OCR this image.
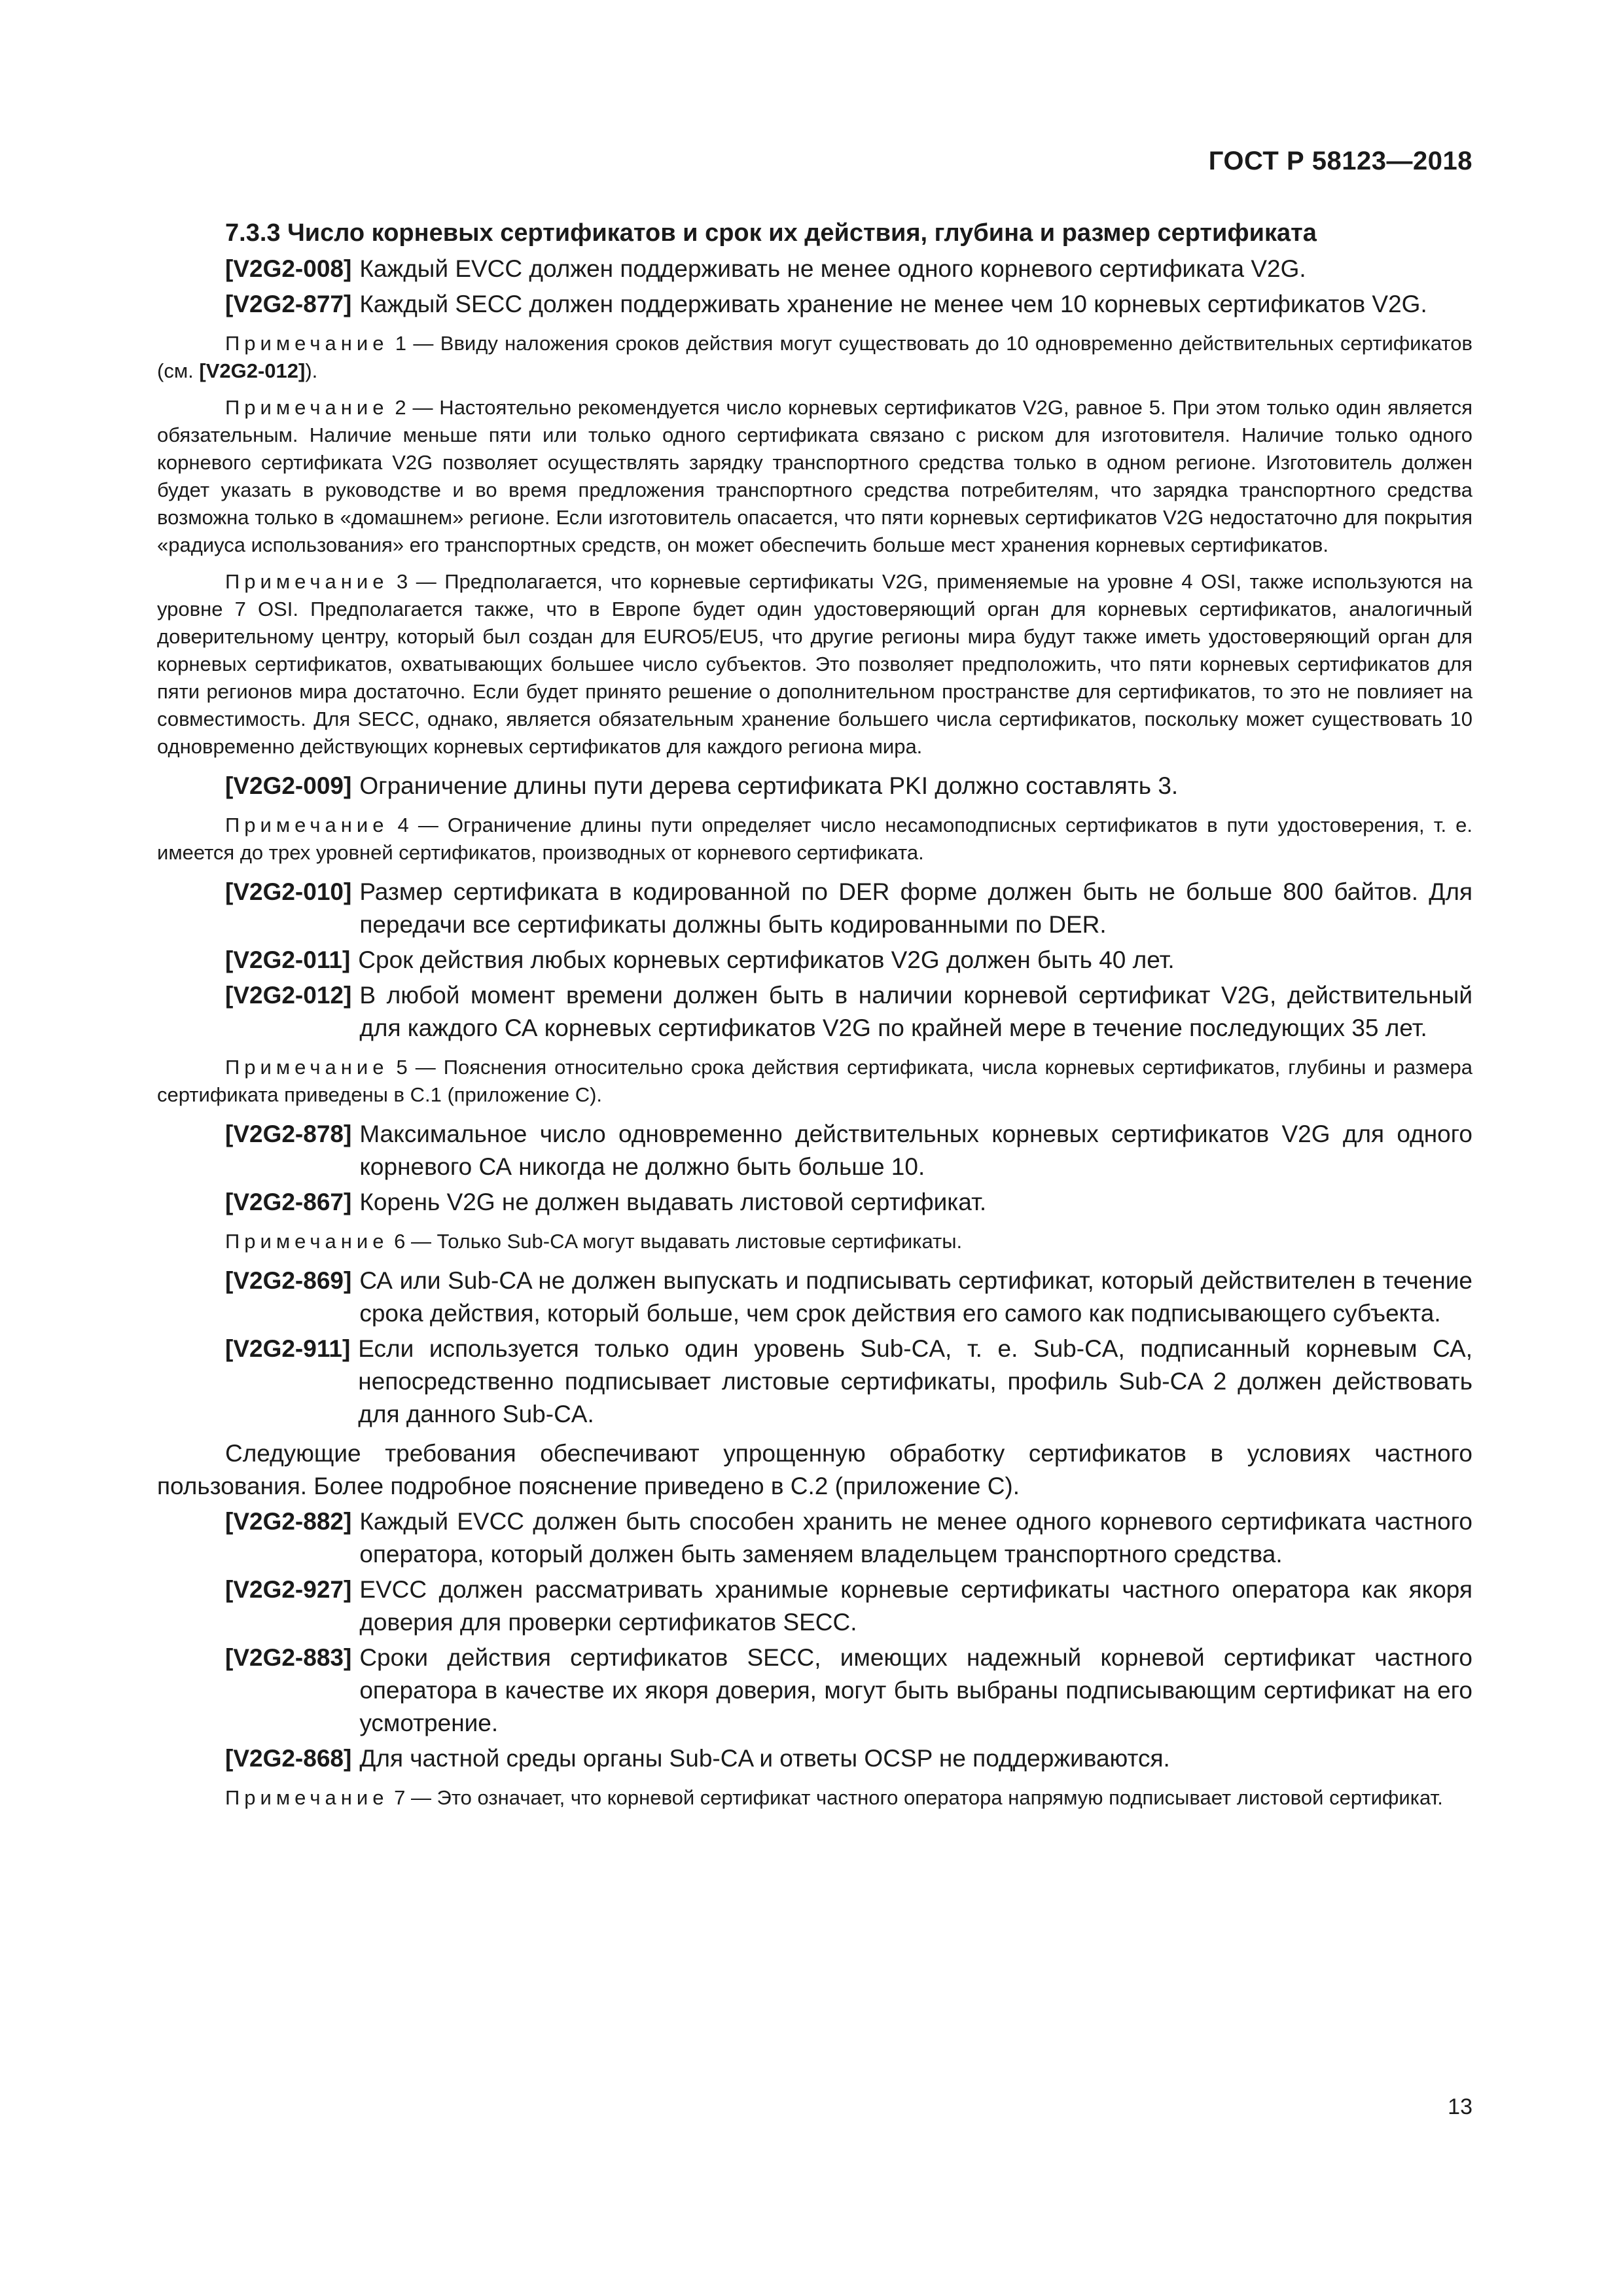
ГОСТ Р 58123—2018
7.3.3 Число корневых сертификатов и срок их действия, глубина и размер сертификата
[V2G2-008] Каждый EVCC должен поддерживать не менее одного корневого сертификата V2G.
[V2G2-877] Каждый SECC должен поддерживать хранение не менее чем 10 корневых сертификатов V2G.

Примечание 1 — Ввиду наложения сроков действия могут существовать до 10 одновременно действительных сертификатов (см. [V2G2-012]).

Примечание 2 — Настоятельно рекомендуется число корневых сертификатов V2G, равное 5. При этом только один является обязательным. Наличие меньше пяти или только одного сертификата связано с риском для изготовителя. Наличие только одного корневого сертификата V2G позволяет осуществлять зарядку транспортного средства только в одном регионе. Изготовитель должен будет указать в руководстве и во время предложения транспортного средства потребителям, что зарядка транспортного средства возможна только в «домашнем» регионе. Если изготовитель опасается, что пяти корневых сертификатов V2G недостаточно для покрытия «радиуса использования» его транспортных средств, он может обеспечить больше мест хранения корневых сертификатов.

Примечание 3 — Предполагается, что корневые сертификаты V2G, применяемые на уровне 4 OSI, также используются на уровне 7 OSI. Предполагается также, что в Европе будет один удостоверяющий орган для корневых сертификатов, аналогичный доверительному центру, который был создан для EURO5/EU5, что другие регионы мира будут также иметь удостоверяющий орган для корневых сертификатов, охватывающих большее число субъектов. Это позволяет предположить, что пяти корневых сертификатов для пяти регионов мира достаточно. Если будет принято решение о дополнительном пространстве для сертификатов, то это не повлияет на совместимость. Для SECC, однако, является обязательным хранение большего числа сертификатов, поскольку может существовать 10 одновременно действующих корневых сертификатов для каждого региона мира.

[V2G2-009] Ограничение длины пути дерева сертификата PKI должно составлять 3.

Примечание 4 — Ограничение длины пути определяет число несамоподписных сертификатов в пути удостоверения, т. е. имеется до трех уровней сертификатов, производных от корневого сертификата.

[V2G2-010] Размер сертификата в кодированной по DER форме должен быть не больше 800 байтов. Для передачи все сертификаты должны быть кодированными по DER.
[V2G2-011] Срок действия любых корневых сертификатов V2G должен быть 40 лет.
[V2G2-012] В любой момент времени должен быть в наличии корневой сертификат V2G, действительный для каждого СА корневых сертификатов V2G по крайней мере в течение последующих 35 лет.

Примечание 5 — Пояснения относительно срока действия сертификата, числа корневых сертификатов, глубины и размера сертификата приведены в С.1 (приложение С).

[V2G2-878] Максимальное число одновременно действительных корневых сертификатов V2G для одного корневого СА никогда не должно быть больше 10.
[V2G2-867] Корень V2G не должен выдавать листовой сертификат.

Примечание 6 — Только Sub-CA могут выдавать листовые сертификаты.

[V2G2-869] СА или Sub-CA не должен выпускать и подписывать сертификат, который действителен в течение срока действия, который больше, чем срок действия его самого как подписывающего субъекта.
[V2G2-911] Если используется только один уровень Sub-CA, т. е. Sub-CA, подписанный корневым СА, непосредственно подписывает листовые сертификаты, профиль Sub-CA 2 должен действовать для данного Sub-CA.

Следующие требования обеспечивают упрощенную обработку сертификатов в условиях частного пользования. Более подробное пояснение приведено в С.2 (приложение С).

[V2G2-882] Каждый EVCC должен быть способен хранить не менее одного корневого сертификата частного оператора, который должен быть заменяем владельцем транспортного средства.
[V2G2-927] EVCC должен рассматривать хранимые корневые сертификаты частного оператора как якоря доверия для проверки сертификатов SECC.
[V2G2-883] Сроки действия сертификатов SECC, имеющих надежный корневой сертификат частного оператора в качестве их якоря доверия, могут быть выбраны подписывающим сертификат на его усмотрение.
[V2G2-868] Для частной среды органы Sub-CA и ответы OCSP не поддерживаются.

Примечание 7 — Это означает, что корневой сертификат частного оператора напрямую подписывает листовой сертификат.

13
